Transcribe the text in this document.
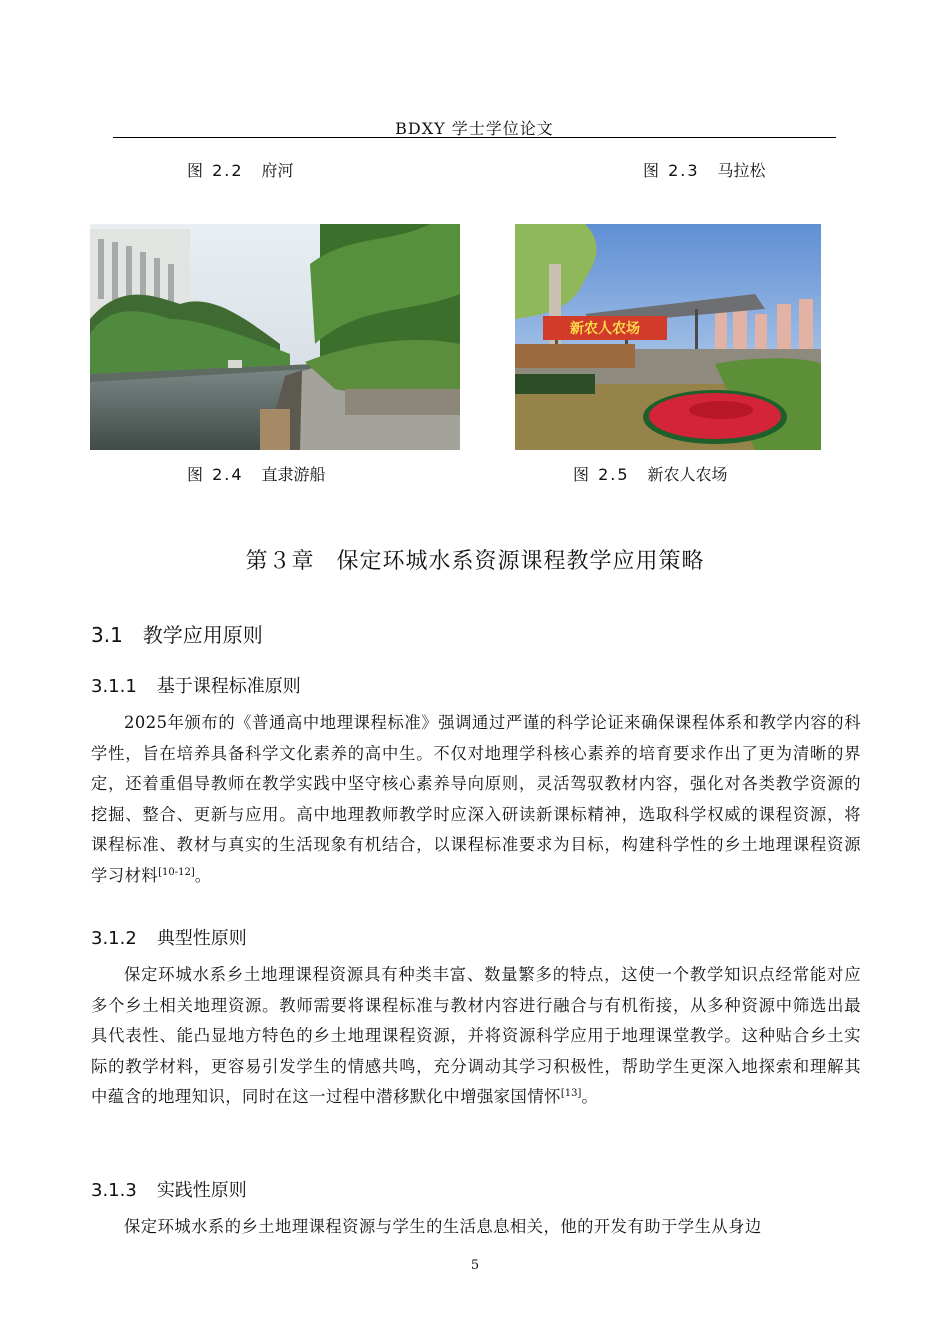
BDXY 学士学位论文
图 2.2 府河	图 2.3 马拉松
新农人农场
图 2.4 直隶游船	图 2.5 新农人农场
第３章 保定环城水系资源课程教学应用策略
3.1 教学应用原则
3.1.1 基于课程标准原则
2025年颁布的《普通高中地理课程标准》强调通过严谨的科学论证来确保课程体系和教学内容的科学性，旨在培养具备科学文化素养的高中生。不仅对地理学科核心素养的培育要求作出了更为清晰的界定，还着重倡导教师在教学实践中坚守核心素养导向原则，灵活驾驭教材内容，强化对各类教学资源的挖掘、整合、更新与应用。高中地理教师教学时应深入研读新课标精神，选取科学权威的课程资源，将课程标准、教材与真实的生活现象有机结合，以课程标准要求为目标，构建科学性的乡土地理课程资源学习材料[10-12]。
3.1.2 典型性原则
保定环城水系乡土地理课程资源具有种类丰富、数量繁多的特点，这使一个教学知识点经常能对应多个乡土相关地理资源。教师需要将课程标准与教材内容进行融合与有机衔接，从多种资源中筛选出最具代表性、能凸显地方特色的乡土地理课程资源，并将资源科学应用于地理课堂教学。这种贴合乡土实际的教学材料，更容易引发学生的情感共鸣，充分调动其学习积极性，帮助学生更深入地探索和理解其中蕴含的地理知识，同时在这一过程中潜移默化中增强家国情怀[13]。
3.1.3 实践性原则
保定环城水系的乡土地理课程资源与学生的生活息息相关，他的开发有助于学生从身边
5
